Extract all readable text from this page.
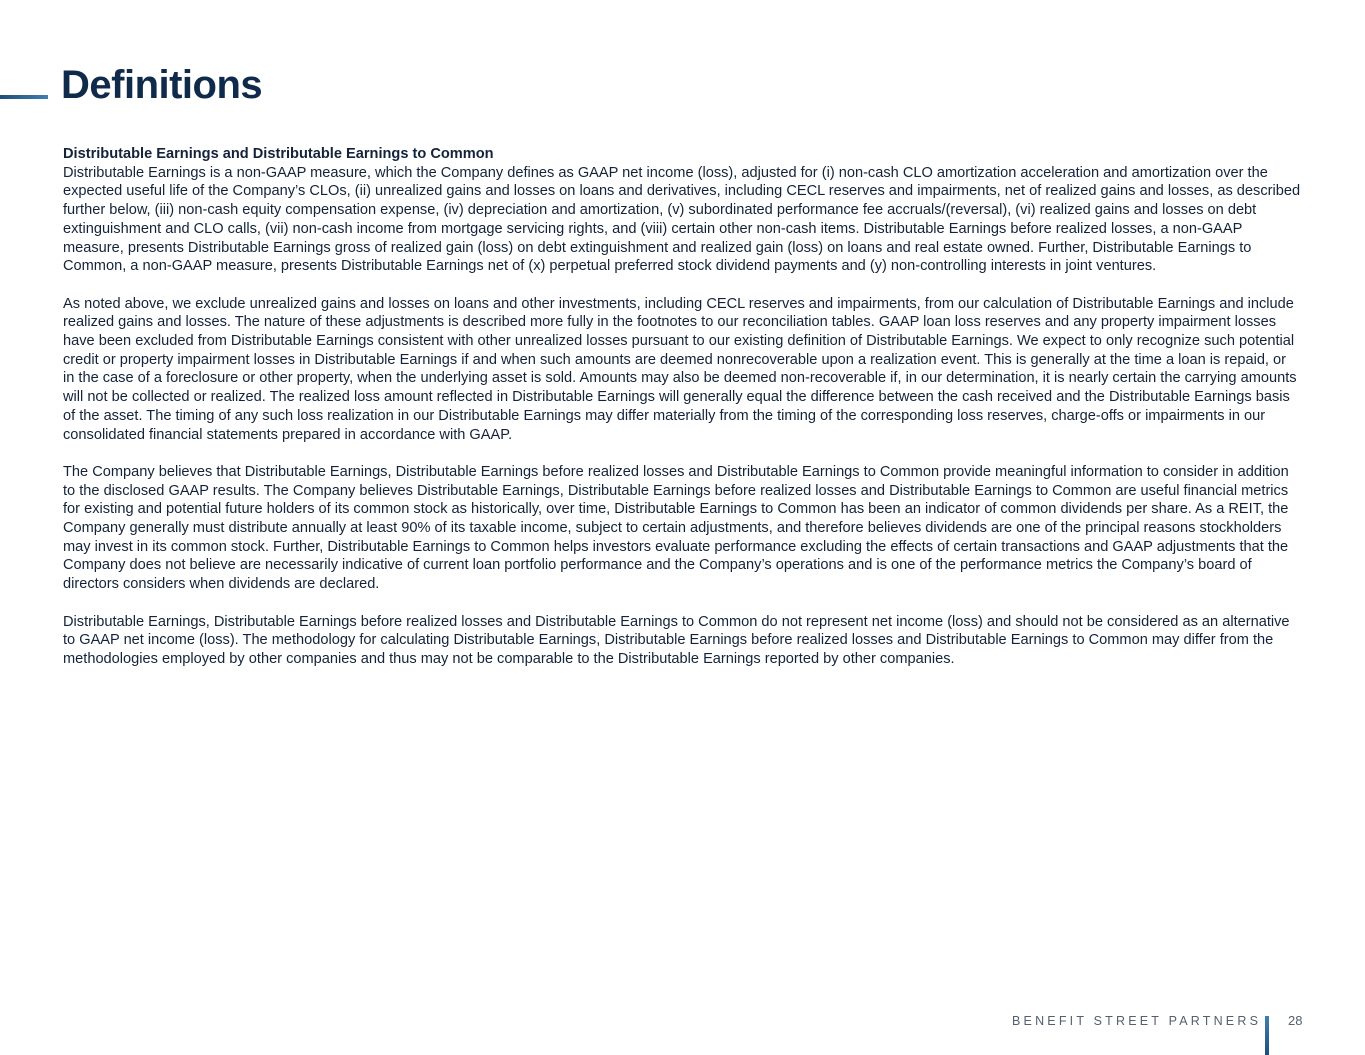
Definitions
Distributable Earnings and Distributable Earnings to Common

Distributable Earnings is a non-GAAP measure, which the Company defines as GAAP net income (loss), adjusted for (i) non-cash CLO amortization acceleration and amortization over the expected useful life of the Company’s CLOs, (ii) unrealized gains and losses on loans and derivatives, including CECL reserves and impairments, net of realized gains and losses, as described further below, (iii) non-cash equity compensation expense, (iv) depreciation and amortization, (v) subordinated performance fee accruals/(reversal), (vi) realized gains and losses on debt extinguishment and CLO calls, (vii) non-cash income from mortgage servicing rights, and (viii) certain other non-cash items. Distributable Earnings before realized losses, a non-GAAP measure, presents Distributable Earnings gross of realized gain (loss) on debt extinguishment and realized gain (loss) on loans and real estate owned. Further, Distributable Earnings to Common, a non-GAAP measure, presents Distributable Earnings net of (x) perpetual preferred stock dividend payments and (y) non-controlling interests in joint ventures.

As noted above, we exclude unrealized gains and losses on loans and other investments, including CECL reserves and impairments, from our calculation of Distributable Earnings and include realized gains and losses. The nature of these adjustments is described more fully in the footnotes to our reconciliation tables. GAAP loan loss reserves and any property impairment losses have been excluded from Distributable Earnings consistent with other unrealized losses pursuant to our existing definition of Distributable Earnings. We expect to only recognize such potential credit or property impairment losses in Distributable Earnings if and when such amounts are deemed nonrecoverable upon a realization event. This is generally at the time a loan is repaid, or in the case of a foreclosure or other property, when the underlying asset is sold. Amounts may also be deemed non-recoverable if, in our determination, it is nearly certain the carrying amounts will not be collected or realized. The realized loss amount reflected in Distributable Earnings will generally equal the difference between the cash received and the Distributable Earnings basis of the asset. The timing of any such loss realization in our Distributable Earnings may differ materially from the timing of the corresponding loss reserves, charge-offs or impairments in our consolidated financial statements prepared in accordance with GAAP.

The Company believes that Distributable Earnings, Distributable Earnings before realized losses and Distributable Earnings to Common provide meaningful information to consider in addition to the disclosed GAAP results. The Company believes Distributable Earnings, Distributable Earnings before realized losses and Distributable Earnings to Common are useful financial metrics for existing and potential future holders of its common stock as historically, over time, Distributable Earnings to Common has been an indicator of common dividends per share. As a REIT, the Company generally must distribute annually at least 90% of its taxable income, subject to certain adjustments, and therefore believes dividends are one of the principal reasons stockholders may invest in its common stock. Further, Distributable Earnings to Common helps investors evaluate performance excluding the effects of certain transactions and GAAP adjustments that the Company does not believe are necessarily indicative of current loan portfolio performance and the Company’s operations and is one of the performance metrics the Company’s board of directors considers when dividends are declared.

Distributable Earnings, Distributable Earnings before realized losses and Distributable Earnings to Common do not represent net income (loss) and should not be considered as an alternative to GAAP net income (loss). The methodology for calculating Distributable Earnings, Distributable Earnings before realized losses and Distributable Earnings to Common may differ from the methodologies employed by other companies and thus may not be comparable to the Distributable Earnings reported by other companies.

BENEFIT STREET PARTNERS 28
